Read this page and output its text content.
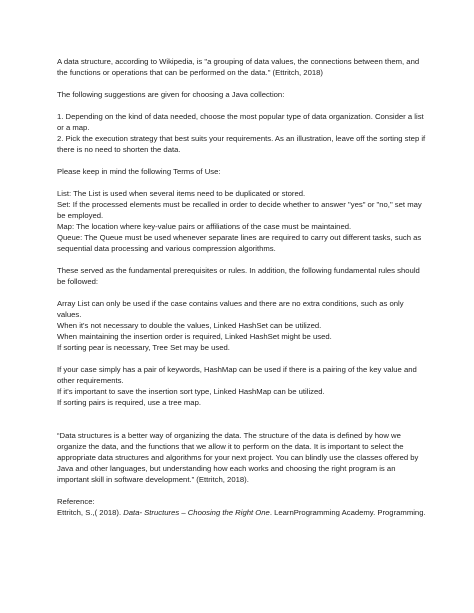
A data structure, according to Wikipedia, is "a grouping of data values, the connections between them, and the functions or operations that can be performed on the data." (Ettritch, 2018)

The following suggestions are given for choosing a Java collection:

1. Depending on the kind of data needed, choose the most popular type of data organization. Consider a list or a map.

2. Pick the execution strategy that best suits your requirements. As an illustration, leave off the sorting step if there is no need to shorten the data.

Please keep in mind the following Terms of Use:

List: The List is used when several items need to be duplicated or stored.

Set: If the processed elements must be recalled in order to decide whether to answer "yes" or "no," set may be employed.

Map: The location where key-value pairs or affiliations of the case must be maintained.

Queue: The Queue must be used whenever separate lines are required to carry out different tasks, such as sequential data processing and various compression algorithms.

These served as the fundamental prerequisites or rules. In addition, the following fundamental rules should be followed:

Array List can only be used if the case contains values and there are no extra conditions, such as only values.

When it's not necessary to double the values, Linked HashSet can be utilized.

When maintaining the insertion order is required, Linked HashSet might be used.

If sorting pear is necessary, Tree Set may be used.

If your case simply has a pair of keywords, HashMap can be used if there is a pairing of the key value and other requirements.

If it's important to save the insertion sort type, Linked HashMap can be utilized.

If sorting pairs is required, use a tree map.

“Data structures is a better way of organizing the data. The structure of the data is defined by how we organize the data, and the functions that we allow it to perform on the data. It is important to select the appropriate data structures and algorithms for your next project. You can blindly use the classes offered by Java and other languages, but understanding how each works and choosing the right program is an important skill in software development.” (Ettritch, 2018).

Reference:

Ettritch, S.,( 2018). Data- Structures – Choosing the Right One. LearnProgramming Academy. Programming.
